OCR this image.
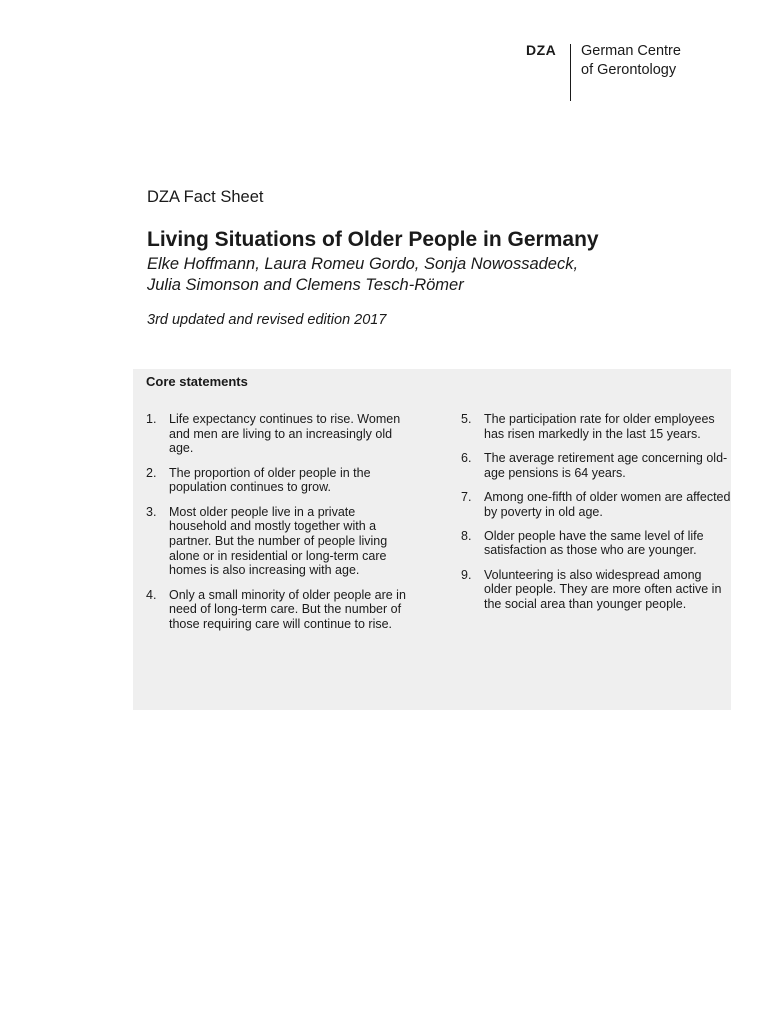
DZA German Centre
of Gerontology
DZA Fact Sheet
Living Situations of Older People in Germany
Elke Hoffmann, Laura Romeu Gordo, Sonja Nowossadeck,
Julia Simonson and Clemens Tesch-Römer
3rd updated and revised edition 2017
Core statements
1. Life expectancy continues to rise. Women and men are living to an increasingly old age.
2. The proportion of older people in the population continues to grow.
3. Most older people live in a private household and mostly together with a partner. But the number of people living alone or in residential or long-term care homes is also increasing with age.
4. Only a small minority of older people are in need of long-term care. But the number of those requiring care will continue to rise.
5. The participation rate for older employees has risen markedly in the last 15 years.
6. The average retirement age concerning old-age pensions is 64 years.
7. Among one-fifth of older women are affected by poverty in old age.
8. Older people have the same level of life satisfaction as those who are younger.
9. Volunteering is also widespread among older people. They are more often active in the social area than younger people.
